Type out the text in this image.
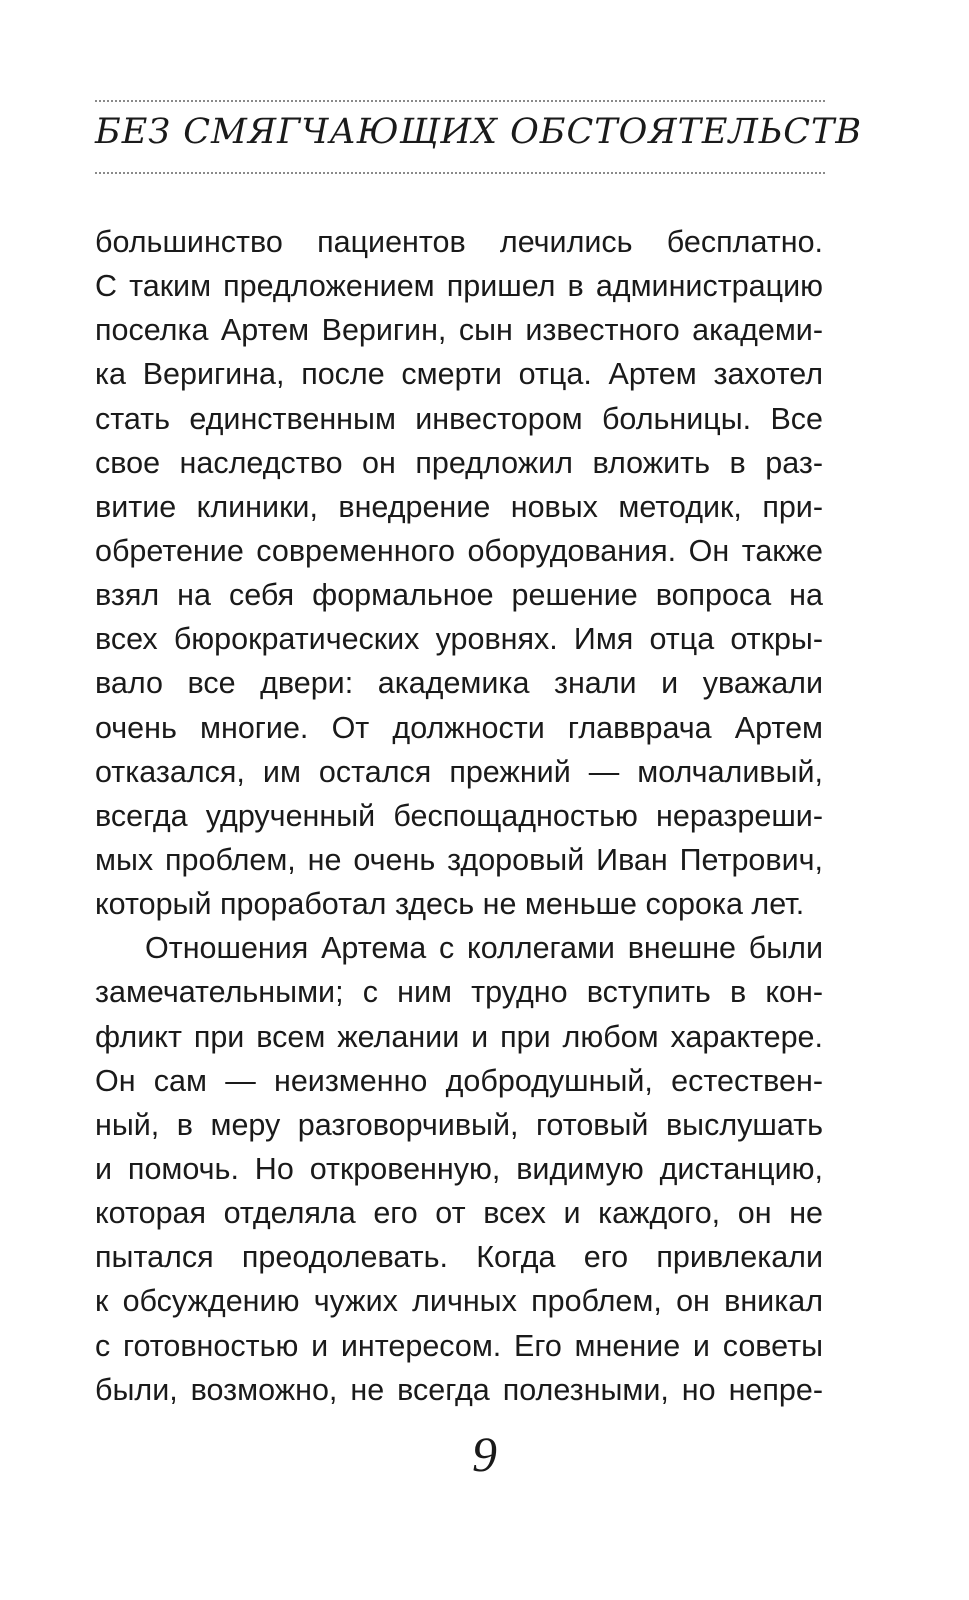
БЕЗ СМЯГЧАЮЩИХ ОБСТОЯТЕЛЬСТВ
большинство пациентов лечились бесплатно.
С таким предложением пришел в администрацию
поселка Артем Веригин, сын известного академи-
ка Веригина, после смерти отца. Артем захотел
стать единственным инвестором больницы. Все
свое наследство он предложил вложить в раз-
витие клиники, внедрение новых методик, при-
обретение современного оборудования. Он также
взял на себя формальное решение вопроса на
всех бюрократических уровнях. Имя отца откры-
вало все двери: академика знали и уважали
очень многие. От должности главврача Артем
отказался, им остался прежний — молчаливый,
всегда удрученный беспощадностью неразреши-
мых проблем, не очень здоровый Иван Петрович,
который проработал здесь не меньше сорока лет.
Отношения Артема с коллегами внешне были
замечательными; с ним трудно вступить в кон-
фликт при всем желании и при любом характере.
Он сам — неизменно добродушный, естествен-
ный, в меру разговорчивый, готовый выслушать
и помочь. Но откровенную, видимую дистанцию,
которая отделяла его от всех и каждого, он не
пытался преодолевать. Когда его привлекали
к обсуждению чужих личных проблем, он вникал
с готовностью и интересом. Его мнение и советы
были, возможно, не всегда полезными, но непре-
9
